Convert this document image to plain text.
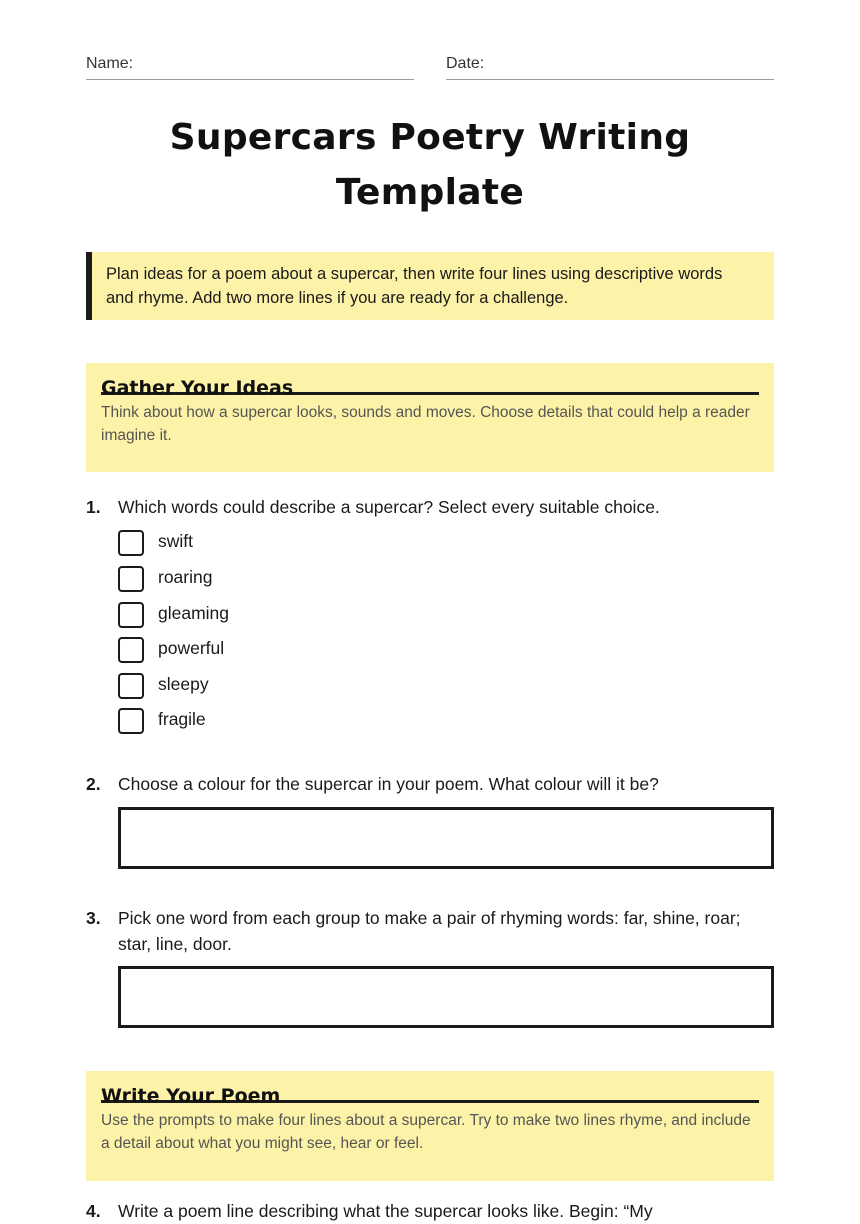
Name:	Date:
Supercars Poetry Writing Template
Plan ideas for a poem about a supercar, then write four lines using descriptive words and rhyme. Add two more lines if you are ready for a challenge.
Gather Your Ideas
Think about how a supercar looks, sounds and moves. Choose details that could help a reader imagine it.
1. Which words could describe a supercar? Select every suitable choice.
swift
roaring
gleaming
powerful
sleepy
fragile
2. Choose a colour for the supercar in your poem. What colour will it be?
3. Pick one word from each group to make a pair of rhyming words: far, shine, roar; star, line, door.
Write Your Poem
Use the prompts to make four lines about a supercar. Try to make two lines rhyme, and include a detail about what you might see, hear or feel.
4. Write a poem line describing what the supercar looks like. Begin: “My
